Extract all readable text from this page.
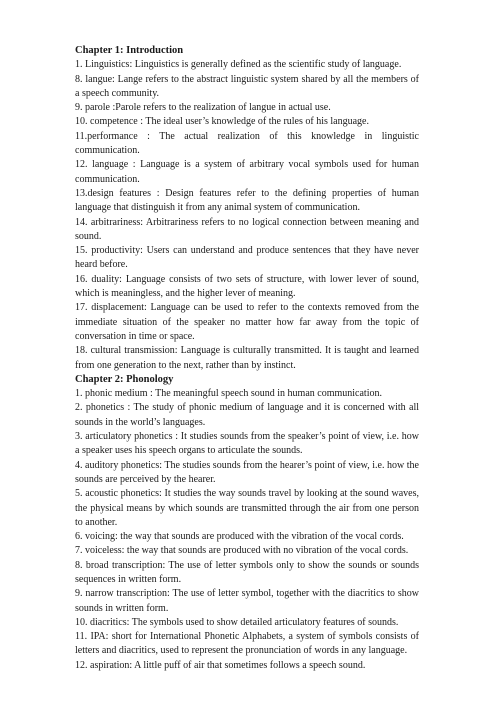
Chapter 1: Introduction

1. Linguistics: Linguistics is generally defined as the scientific study of language.

8. langue: Lange refers to the abstract linguistic system shared by all the members of a speech community.

9. parole :Parole refers to the realization of langue in actual use.

10. competence : The ideal user’s knowledge of the rules of his language.

11.performance : The actual realization of this knowledge in linguistic communication.

12. language : Language is a system of arbitrary vocal symbols used for human communication.

13.design features : Design features refer to the defining properties of human language that distinguish it from any animal system of communication.

14. arbitrariness: Arbitrariness refers to no logical connection between meaning and sound.

15. productivity: Users can understand and produce sentences that they have never heard before.

16. duality: Language consists of two sets of structure, with lower lever of sound, which is meaningless, and the higher lever of meaning.

17. displacement: Language can be used to refer to the contexts removed from the immediate situation of the speaker no matter how far away from the topic of conversation in time or space.

18. cultural transmission: Language is culturally transmitted. It is taught and learned from one generation to the next, rather than by instinct.

Chapter 2: Phonology

1. phonic medium : The meaningful speech sound in human communication.

2. phonetics : The study of phonic medium of language and it is concerned with all sounds in the world’s languages.

3. articulatory phonetics : It studies sounds from the speaker’s point of view, i.e. how a speaker uses his speech organs to articulate the sounds.

4. auditory phonetics: The studies sounds from the hearer’s point of view, i.e. how the sounds are perceived by the hearer.

5. acoustic phonetics: It studies the way sounds travel by looking at the sound waves, the physical means by which sounds are transmitted through the air from one person to another.

6. voicing: the way that sounds are produced with the vibration of the vocal cords.

7. voiceless: the way that sounds are produced with no vibration of the vocal cords.

8. broad transcription: The use of letter symbols only to show the sounds or sounds sequences in written form.

9. narrow transcription: The use of letter symbol, together with the diacritics to show sounds in written form.

10. diacritics: The symbols used to show detailed articulatory features of sounds.

11. IPA: short for International Phonetic Alphabets, a system of symbols consists of letters and diacritics, used to represent the pronunciation of words in any language.

12. aspiration: A little puff of air that sometimes follows a speech sound.
